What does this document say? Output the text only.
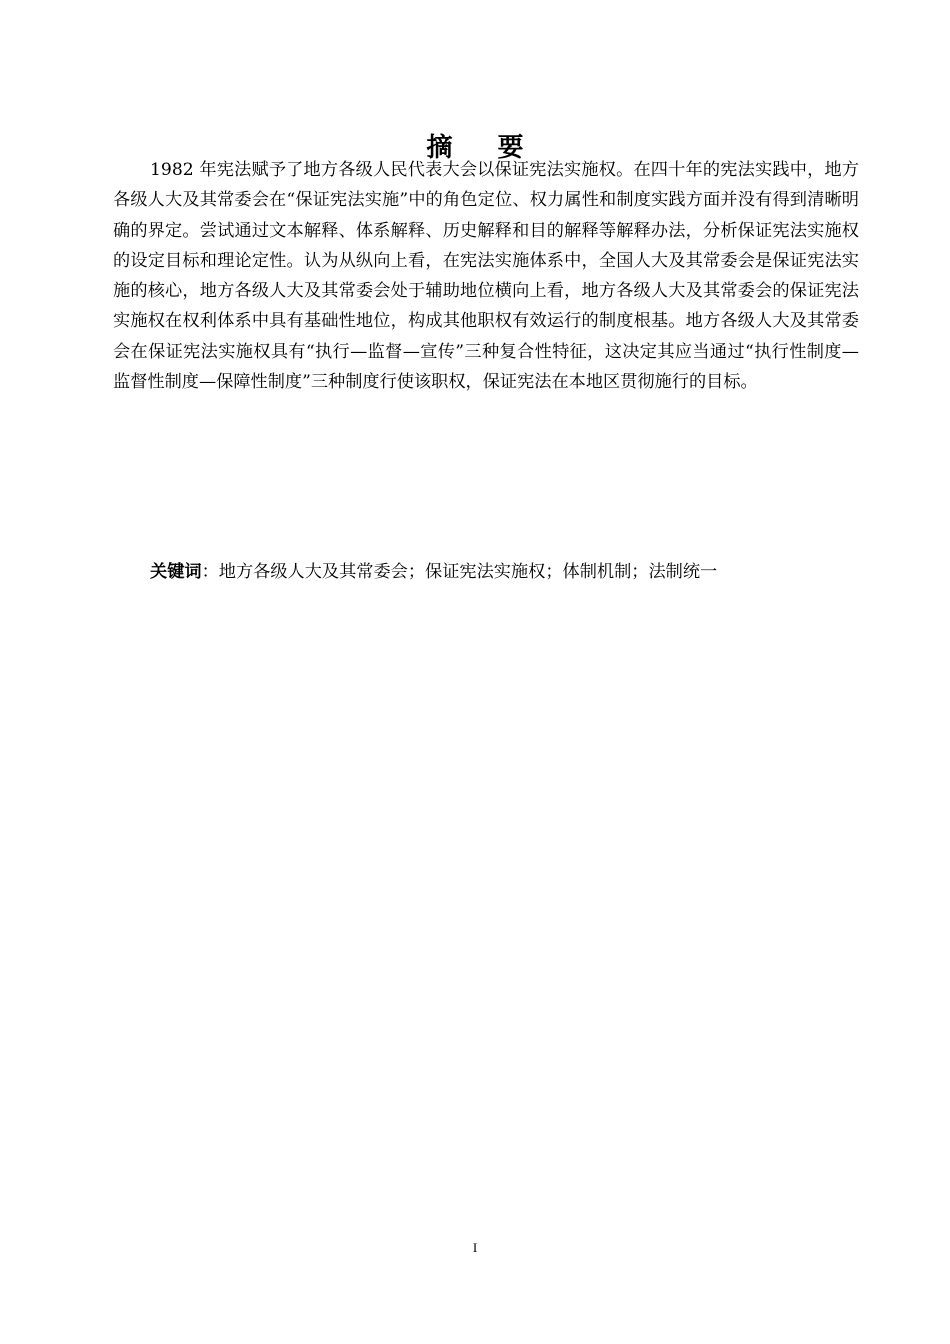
摘 要

1982 年宪法赋予了地方各级人民代表大会以保证宪法实施权。在四十年的宪法实践中，地方各级人大及其常委会在“保证宪法实施”中的角色定位、权力属性和制度实践方面并没有得到清晰明确的界定。尝试通过文本解释、体系解释、历史解释和目的解释等解释办法，分析保证宪法实施权的设定目标和理论定性。认为从纵向上看，在宪法实施体系中，全国人大及其常委会是保证宪法实施的核心，地方各级人大及其常委会处于辅助地位横向上看，地方各级人大及其常委会的保证宪法实施权在权利体系中具有基础性地位，构成其他职权有效运行的制度根基。地方各级人大及其常委会在保证宪法实施权具有“执行—监督—宣传”三种复合性特征，这决定其应当通过“执行性制度—监督性制度—保障性制度”三种制度行使该职权，保证宪法在本地区贯彻施行的目标。

关键词：地方各级人大及其常委会；保证宪法实施权；体制机制；法制统一
I
